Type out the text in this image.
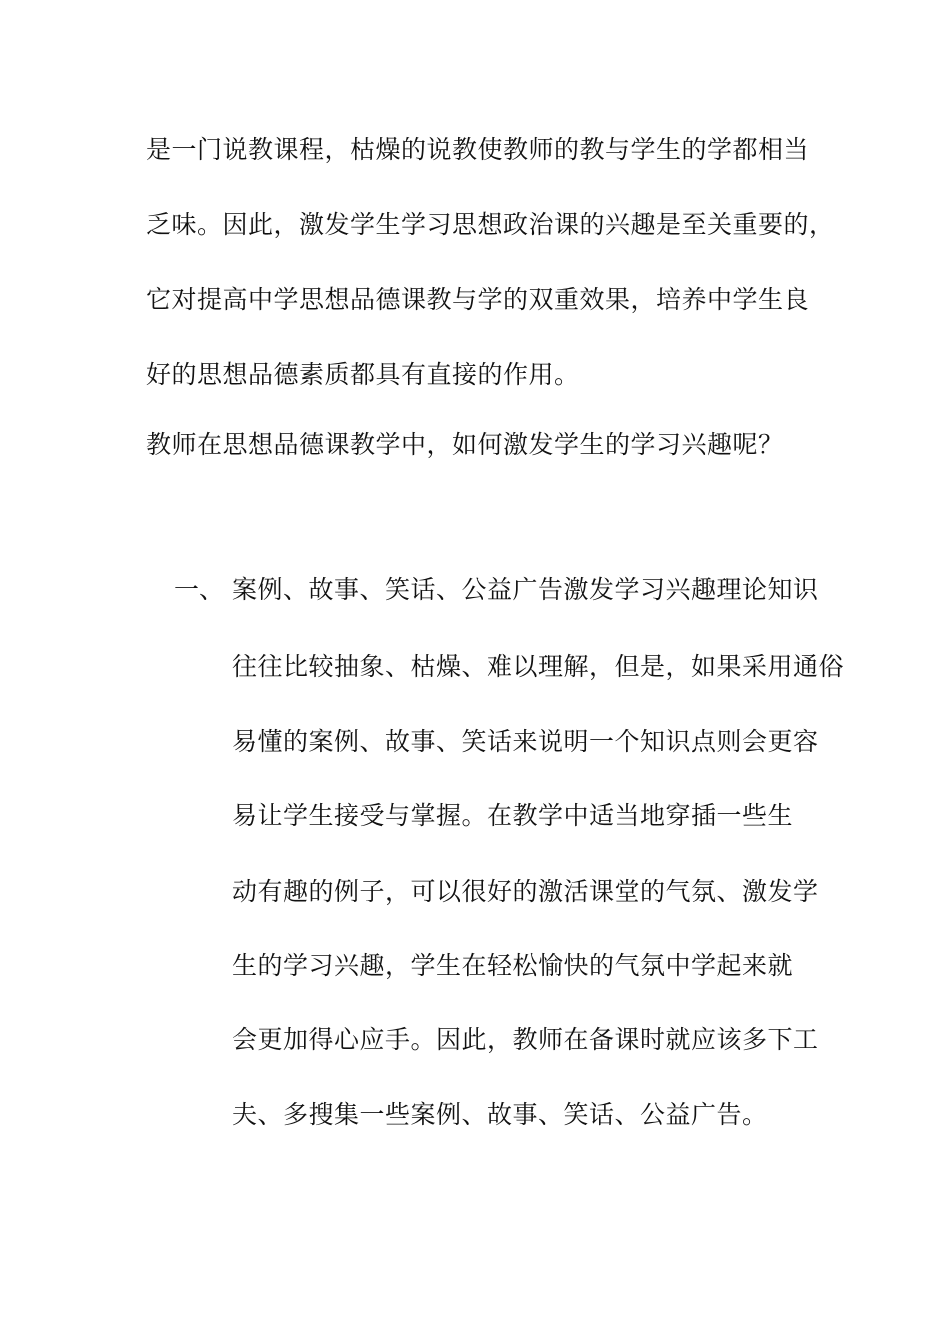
是一门说教课程，枯燥的说教使教师的教与学生的学都相当
乏味。因此，激发学生学习思想政治课的兴趣是至关重要的，
它对提高中学思想品德课教与学的双重效果，培养中学生良
好的思想品德素质都具有直接的作用。
教师在思想品德课教学中，如何激发学生的学习兴趣呢？
一、 案例、故事、笑话、公益广告激发学习兴趣理论知识
往往比较抽象、枯燥、难以理解，但是，如果采用通俗
易懂的案例、故事、笑话来说明一个知识点则会更容
易让学生接受与掌握。在教学中适当地穿插一些生
动有趣的例子，可以很好的激活课堂的气氛、激发学
生的学习兴趣，学生在轻松愉快的气氛中学起来就
会更加得心应手。因此，教师在备课时就应该多下工
夫、多搜集一些案例、故事、笑话、公益广告。
